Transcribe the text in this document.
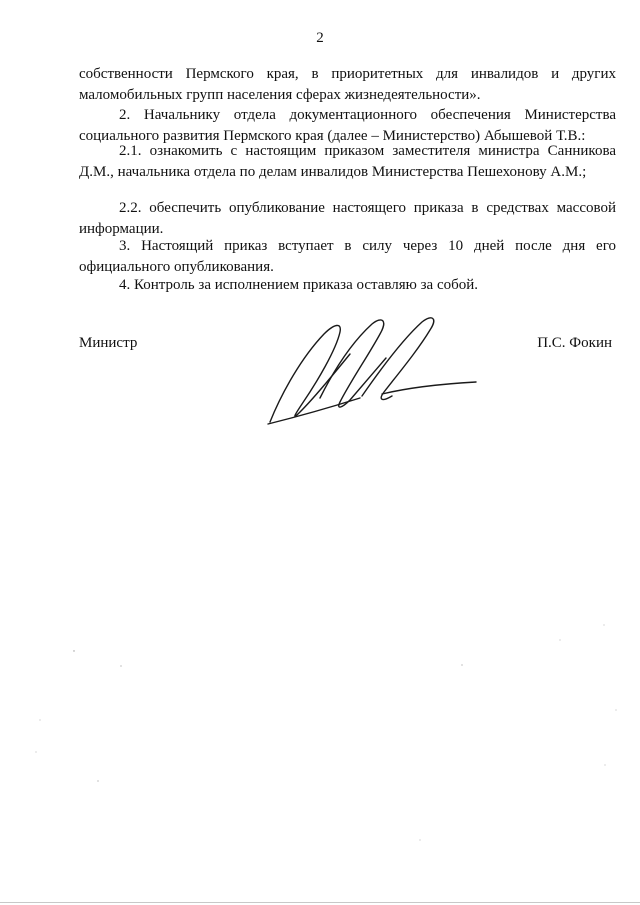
2

собственности Пермского края, в приоритетных для инвалидов и других маломобильных групп населения сферах жизнедеятельности».

2. Начальнику отдела документационного обеспечения Министерства социального развития Пермского края (далее – Министерство) Абышевой Т.В.:

2.1. ознакомить с настоящим приказом заместителя министра Санникова Д.М., начальника отдела по делам инвалидов Министерства Пешехонову А.М.;

2.2. обеспечить опубликование настоящего приказа в средствах массовой информации.

3. Настоящий приказ вступает в силу через 10 дней после дня его официального опубликования.

4. Контроль за исполнением приказа оставляю за собой.

Министр	П.С. Фокин
